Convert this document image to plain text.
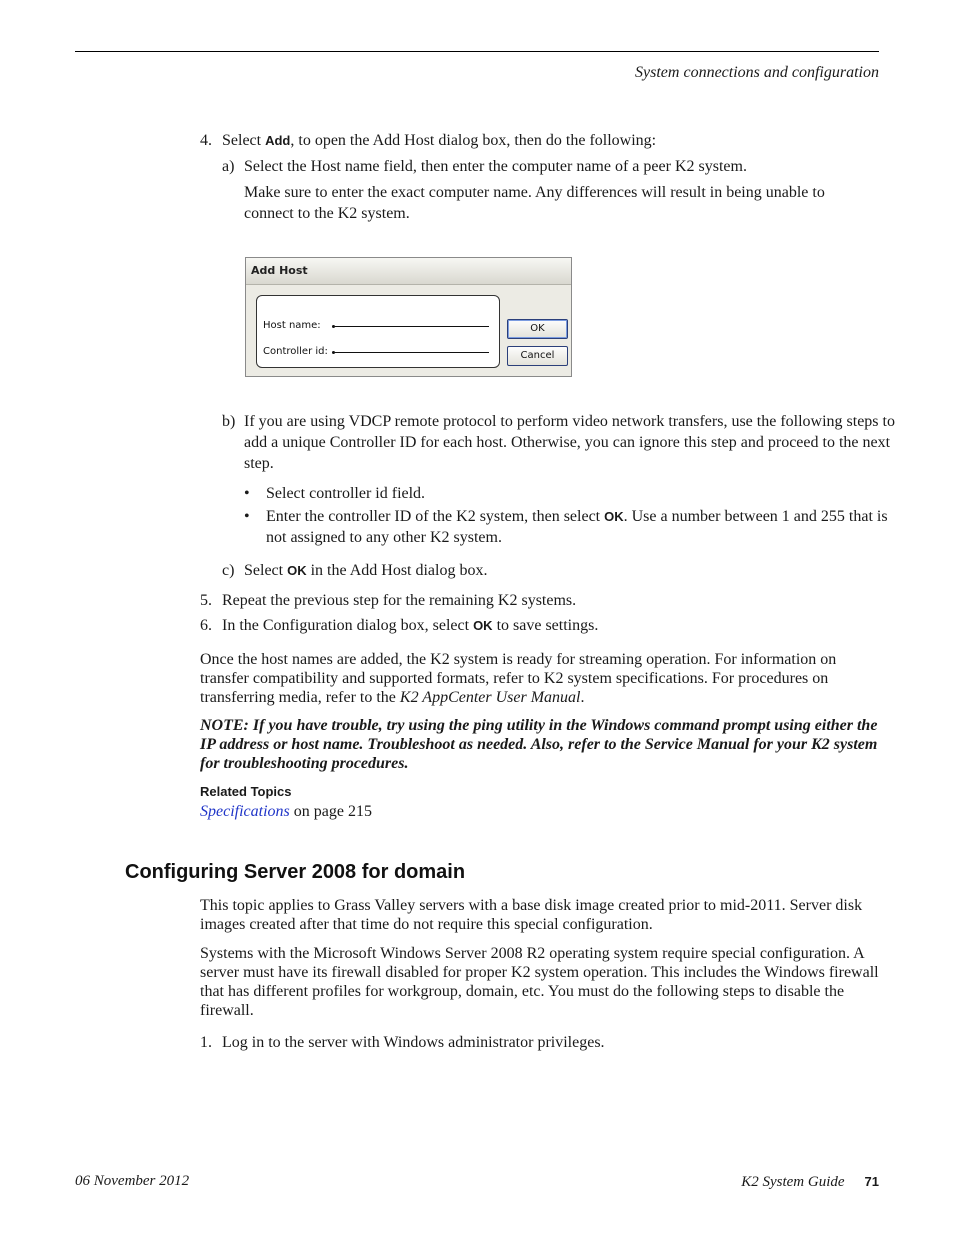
System connections and configuration
4. Select Add, to open the Add Host dialog box, then do the following:
a) Select the Host name field, then enter the computer name of a peer K2 system.
Make sure to enter the exact computer name. Any differences will result in being unable to connect to the K2 system.
Add Host
Host name:
Controller id:
OK
Cancel
b) If you are using VDCP remote protocol to perform video network transfers, use the following steps to add a unique Controller ID for each host. Otherwise, you can ignore this step and proceed to the next step.
• Select controller id field.
• Enter the controller ID of the K2 system, then select OK. Use a number between 1 and 255 that is not assigned to any other K2 system.
c) Select OK in the Add Host dialog box.
5. Repeat the previous step for the remaining K2 systems.
6. In the Configuration dialog box, select OK to save settings.
Once the host names are added, the K2 system is ready for streaming operation. For information on transfer compatibility and supported formats, refer to K2 system specifications. For procedures on transferring media, refer to the K2 AppCenter User Manual.
NOTE: If you have trouble, try using the ping utility in the Windows command prompt using either the IP address or host name. Troubleshoot as needed. Also, refer to the Service Manual for your K2 system for troubleshooting procedures.
Related Topics
Specifications on page 215
Configuring Server 2008 for domain
This topic applies to Grass Valley servers with a base disk image created prior to mid-2011. Server disk images created after that time do not require this special configuration.
Systems with the Microsoft Windows Server 2008 R2 operating system require special configuration. A server must have its firewall disabled for proper K2 system operation. This includes the Windows firewall that has different profiles for workgroup, domain, etc. You must do the following steps to disable the firewall.
1. Log in to the server with Windows administrator privileges.
06 November 2012	K2 System Guide 71
